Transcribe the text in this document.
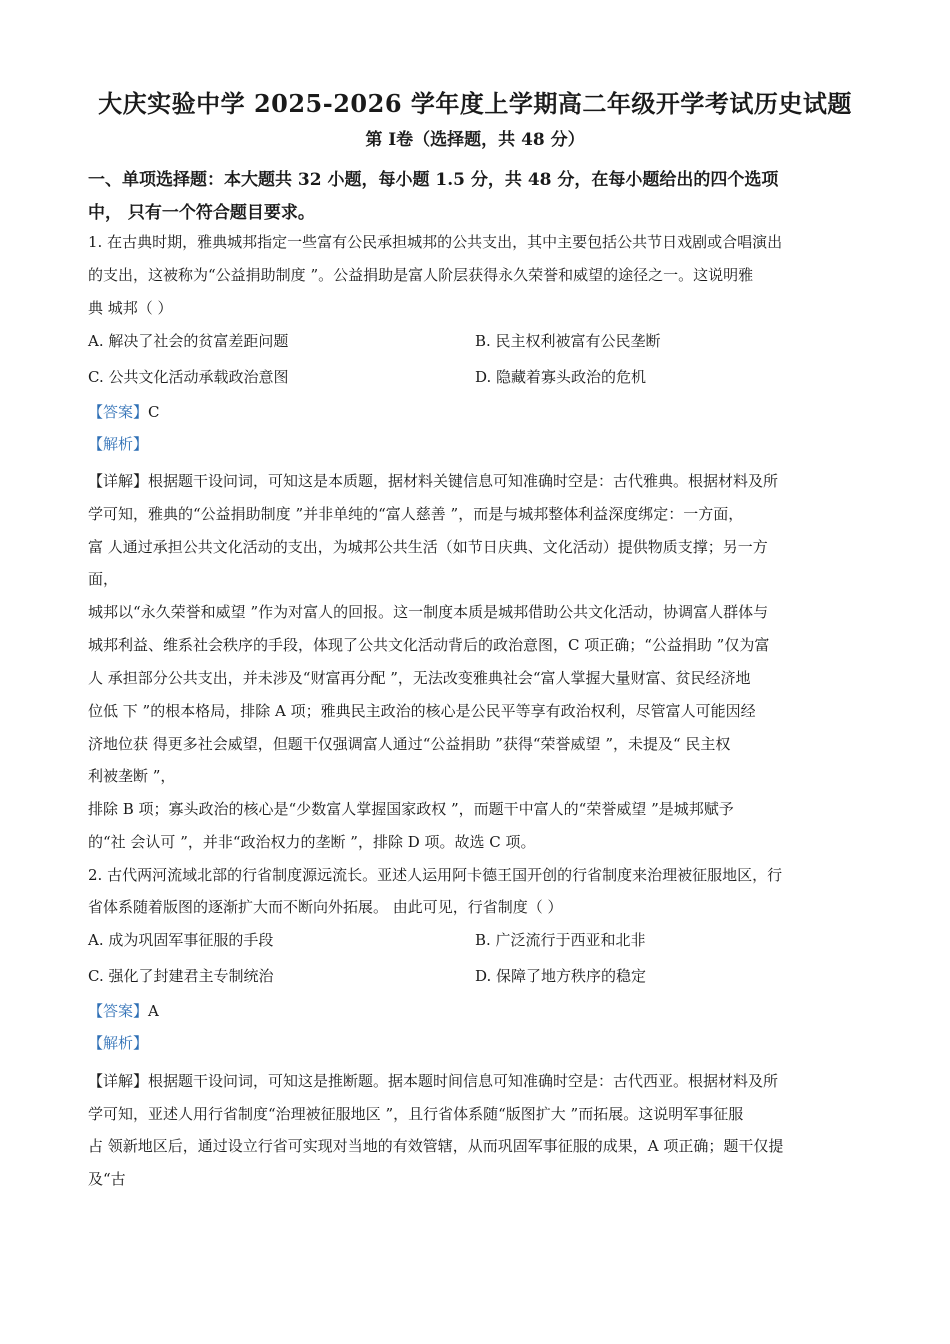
大庆实验中学 2025-2026 学年度上学期高二年级开学考试历史试题
第 Ⅰ卷（选择题，共 48 分）
一、单项选择题：本大题共 32 小题，每小题 1.5 分，共 48 分，在每小题给出的四个选项
中， 只有一个符合题目要求。
1. 在古典时期，雅典城邦指定一些富有公民承担城邦的公共支出，其中主要包括公共节日戏剧或合唱演出
的支出，这被称为“公益捐助制度 ”。公益捐助是富人阶层获得永久荣誉和威望的途径之一。这说明雅
典 城邦（ ）
A. 解决了社会的贫富差距问题	B. 民主权利被富有公民垄断
C. 公共文化活动承载政治意图	D. 隐藏着寡头政治的危机
【答案】C
【解析】
【详解】根据题干设问词，可知这是本质题，据材料关键信息可知准确时空是：古代雅典。根据材料及所
学可知，雅典的“公益捐助制度 ”并非单纯的“富人慈善 ”，而是与城邦整体利益深度绑定：一方面，
富 人通过承担公共文化活动的支出，为城邦公共生活（如节日庆典、文化活动）提供物质支撑；另一方
面，
城邦以“永久荣誉和威望 ”作为对富人的回报。这一制度本质是城邦借助公共文化活动，协调富人群体与
城邦利益、维系社会秩序的手段，体现了公共文化活动背后的政治意图，C 项正确；“公益捐助 ”仅为富
人 承担部分公共支出，并未涉及“财富再分配 ”，无法改变雅典社会“富人掌握大量财富、贫民经济地
位低 下 ”的根本格局，排除 A 项；雅典民主政治的核心是公民平等享有政治权利，尽管富人可能因经
济地位获 得更多社会威望，但题干仅强调富人通过“公益捐助 ”获得“荣誉威望 ”，未提及“ 民主权
利被垄断 ”，
排除 B 项；寡头政治的核心是“少数富人掌握国家政权 ”，而题干中富人的“荣誉威望 ”是城邦赋予
的“社 会认可 ”，并非“政治权力的垄断 ”，排除 D 项。故选 C 项。
2. 古代两河流域北部的行省制度源远流长。亚述人运用阿卡德王国开创的行省制度来治理被征服地区，行
省体系随着版图的逐渐扩大而不断向外拓展。 由此可见，行省制度（ ）
A. 成为巩固军事征服的手段	B. 广泛流行于西亚和北非
C. 强化了封建君主专制统治	D. 保障了地方秩序的稳定
【答案】A
【解析】
【详解】根据题干设问词，可知这是推断题。据本题时间信息可知准确时空是：古代西亚。根据材料及所
学可知，亚述人用行省制度“治理被征服地区 ”，且行省体系随“版图扩大 ”而拓展。这说明军事征服
占 领新地区后，通过设立行省可实现对当地的有效管辖，从而巩固军事征服的成果，A 项正确；题干仅提
及“古
